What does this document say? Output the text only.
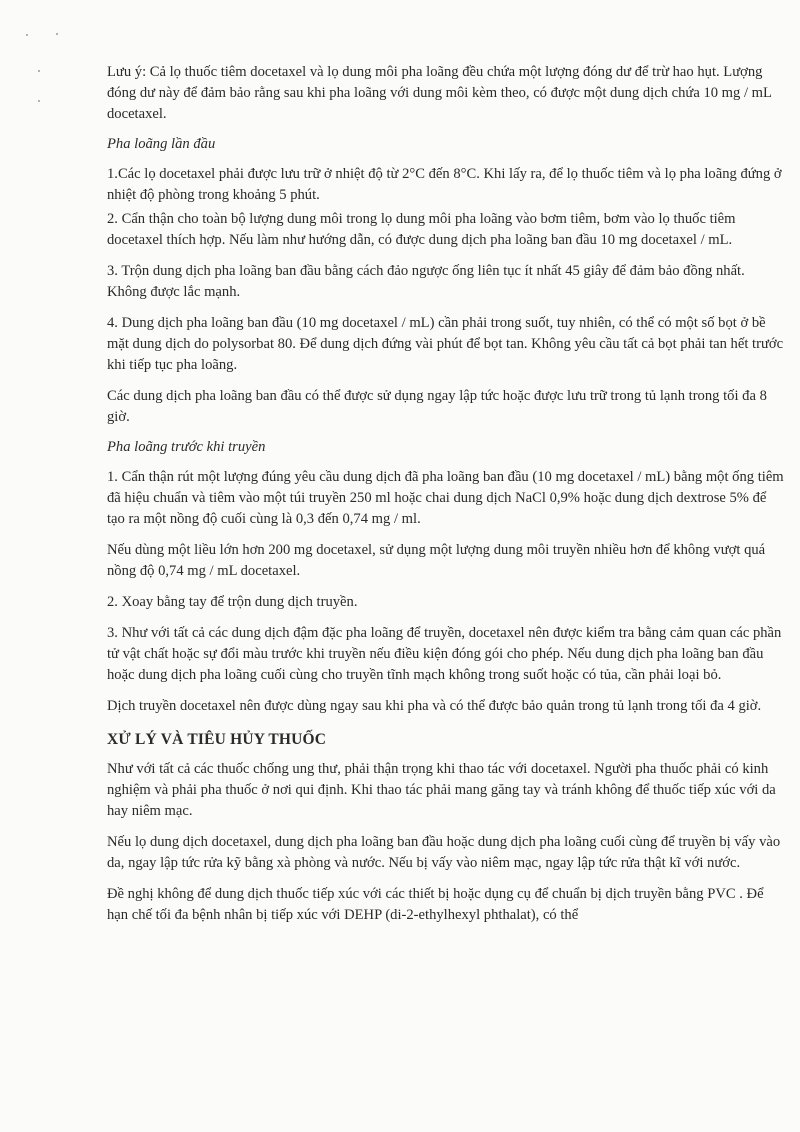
Lưu ý: Cả lọ thuốc tiêm docetaxel và lọ dung môi pha loãng đều chứa một lượng đóng dư để trừ hao hụt. Lượng đóng dư này để đảm bảo rằng sau khi pha loãng với dung môi kèm theo, có được một dung dịch chứa 10 mg / mL docetaxel.

Pha loãng lần đầu

1.Các lọ docetaxel phải được lưu trữ ở nhiệt độ từ 2°C đến 8°C. Khi lấy ra, để lọ thuốc tiêm và lọ pha loãng đứng ở nhiệt độ phòng trong khoảng 5 phút.

2. Cẩn thận cho toàn bộ lượng dung môi trong lọ dung môi pha loãng vào bơm tiêm, bơm vào lọ thuốc tiêm docetaxel thích hợp. Nếu làm như hướng dẫn, có được dung dịch pha loãng ban đầu 10 mg docetaxel / mL.

3. Trộn dung dịch pha loãng ban đầu bằng cách đảo ngược ống liên tục ít nhất 45 giây để đảm bảo đồng nhất. Không được lắc mạnh.

4. Dung dịch pha loãng ban đầu (10 mg docetaxel / mL) cần phải trong suốt, tuy nhiên, có thể có một số bọt ở bề mặt dung dịch do polysorbat 80. Để dung dịch đứng vài phút để bọt tan. Không yêu cầu tất cả bọt phải tan hết trước khi tiếp tục pha loãng.

Các dung dịch pha loãng ban đầu có thể được sử dụng ngay lập tức hoặc được lưu trữ trong tủ lạnh trong tối đa 8 giờ.

Pha loãng trước khi truyền

1. Cẩn thận rút một lượng đúng yêu cầu dung dịch đã pha loãng ban đầu (10 mg docetaxel / mL) bằng một ống tiêm đã hiệu chuẩn và tiêm vào một túi truyền 250 ml hoặc chai dung dịch NaCl 0,9% hoặc dung dịch dextrose 5% để tạo ra một nồng độ cuối cùng là 0,3 đến 0,74 mg / ml.

Nếu dùng một liều lớn hơn 200 mg docetaxel, sử dụng một lượng dung môi truyền nhiều hơn để không vượt quá nồng độ 0,74 mg / mL docetaxel.

2. Xoay bằng tay để trộn dung dịch truyền.

3. Như với tất cả các dung dịch đậm đặc pha loãng để truyền, docetaxel nên được kiểm tra bằng cảm quan các phần tử vật chất hoặc sự đổi màu trước khi truyền nếu điều kiện đóng gói cho phép. Nếu dung dịch pha loãng ban đầu hoặc dung dịch pha loãng cuối cùng cho truyền tĩnh mạch không trong suốt hoặc có tủa, cần phải loại bỏ.

Dịch truyền docetaxel nên được dùng ngay sau khi pha và có thể được bảo quản trong tủ lạnh trong tối đa 4 giờ.

XỬ LÝ VÀ TIÊU HỦY THUỐC

Như với tất cả các thuốc chống ung thư, phải thận trọng khi thao tác với docetaxel. Người pha thuốc phải có kinh nghiệm và phải pha thuốc ở nơi qui định. Khi thao tác phải mang găng tay và tránh không để thuốc tiếp xúc với da hay niêm mạc.

Nếu lọ dung dịch docetaxel, dung dịch pha loãng ban đầu hoặc dung dịch pha loãng cuối cùng để truyền bị vấy vào da, ngay lập tức rửa kỹ bằng xà phòng và nước. Nếu bị vấy vào niêm mạc, ngay lập tức rửa thật kĩ với nước.

Đề nghị không để dung dịch thuốc tiếp xúc với các thiết bị hoặc dụng cụ để chuẩn bị dịch truyền bằng PVC . Để hạn chế tối đa bệnh nhân bị tiếp xúc với DEHP (di-2-ethylhexyl phthalat), có thể
